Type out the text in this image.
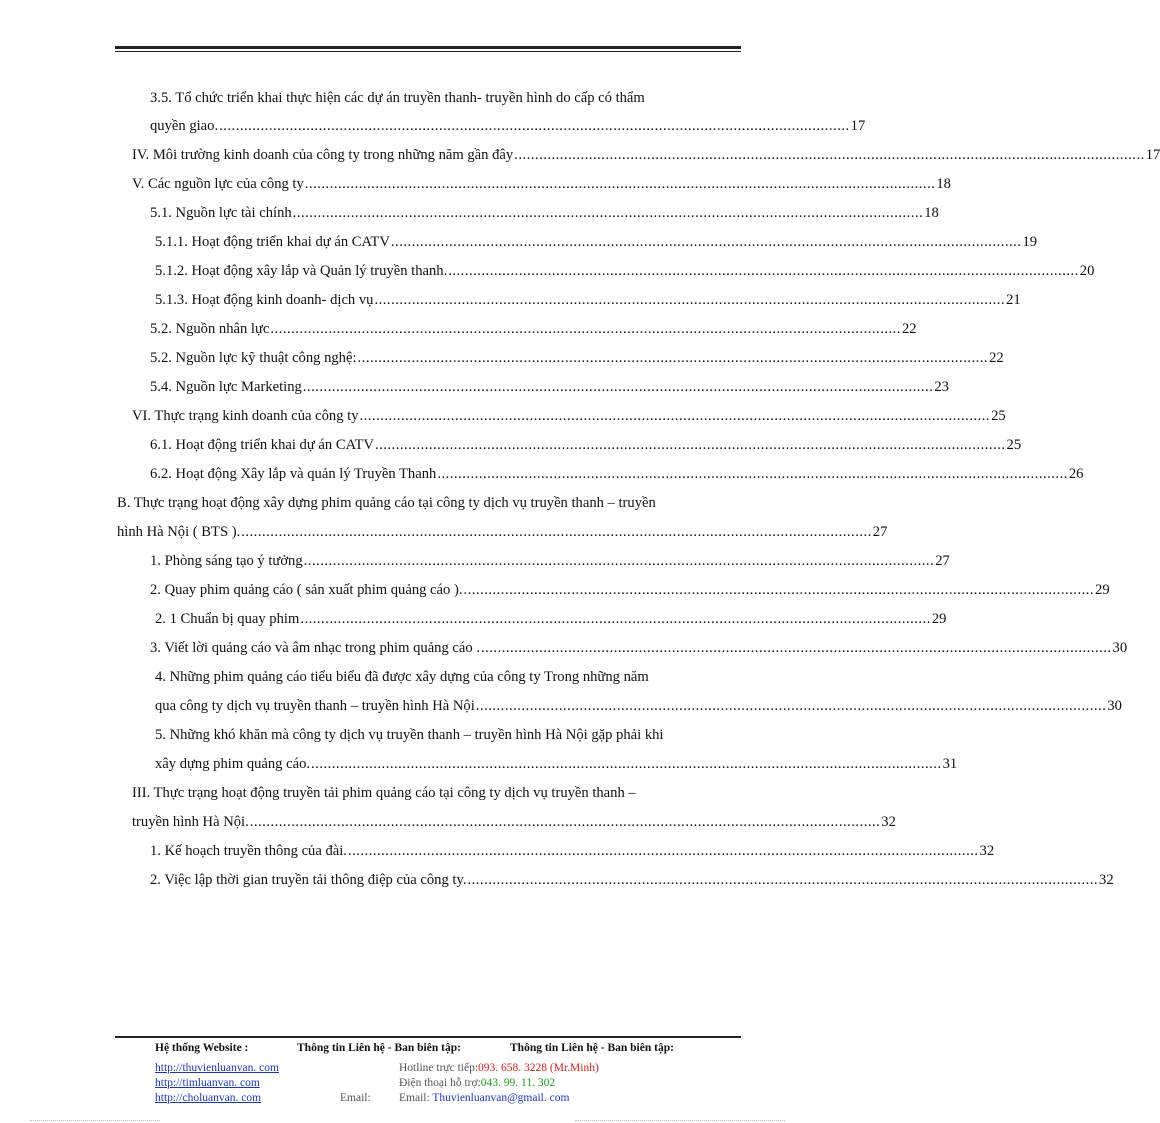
3.5. Tổ chức triển khai thực hiện các dự án truyền thanh- truyền hình do cấp có thẩm
quyền giao. ........................................................................................................................................................ 17
IV. Môi trường kinh doanh của công ty trong những năm gần đây ........................................................................................................................................................ 17
V. Các nguồn lực của công ty ........................................................................................................................................................ 18
5.1. Nguồn lực tài chính ........................................................................................................................................................ 18
5.1.1. Hoạt động triển khai dự án CATV ........................................................................................................................................................ 19
5.1.2. Hoạt động xây lắp và Quản lý truyền thanh. ........................................................................................................................................................ 20
5.1.3. Hoạt động kinh doanh- dịch vụ ........................................................................................................................................................ 21
5.2. Nguồn nhân lực ........................................................................................................................................................ 22
5.2. Nguồn lực kỹ thuật công nghệ: ........................................................................................................................................................ 22
5.4. Nguồn lực Marketing ........................................................................................................................................................ 23
VI. Thực trạng kinh doanh của công ty ........................................................................................................................................................ 25
6.1. Hoạt động triển khai dự án CATV ........................................................................................................................................................ 25
6.2. Hoạt động Xây lắp và quản lý Truyền Thanh ........................................................................................................................................................ 26
B. Thực trạng hoạt động xây dựng phim quảng cáo tại công ty dịch vụ truyền thanh – truyền
hình Hà Nội ( BTS ). ........................................................................................................................................................ 27
1. Phòng sáng tạo ý tưởng ........................................................................................................................................................ 27
2. Quay phim quảng cáo ( sản xuất phim quảng cáo ). ........................................................................................................................................................ 29
2. 1 Chuẩn bị quay phim ........................................................................................................................................................ 29
3. Viết lời quảng cáo và âm nhạc trong phim quảng cáo . ........................................................................................................................................................ 30
4. Những phim quảng cáo tiểu biểu đã được xây dựng của công ty Trong những năm
qua công ty dịch vụ truyền thanh – truyền hình Hà Nội ........................................................................................................................................................ 30
5. Những khó khăn mà công ty dịch vụ truyền thanh – truyền hình Hà Nội gặp phải khi
xây dựng phim quảng cáo. ........................................................................................................................................................ 31
III. Thực trạng hoạt động truyền tải phim quảng cáo tại công ty dịch vụ truyền thanh –
truyền hình Hà Nội. ........................................................................................................................................................ 32
1. Kế hoạch truyền thông của đài. ........................................................................................................................................................ 32
2. Việc lập thời gian truyền tải thông điệp của công ty. ........................................................................................................................................................ 32
Hệ thống Website :	Thông tin Liên hệ - Ban biên tập:	Thông tin Liên hệ - Ban biên tập:
http://thuvienluanvan. com
http://timluanvan. com
http://choluanvan. com	Email:
Hotline trực tiếp:093. 658. 3228 (Mr.Minh)
Điện thoại hỗ trợ:043. 99. 11. 302
Email: Thuvienluanvan@gmail. com
